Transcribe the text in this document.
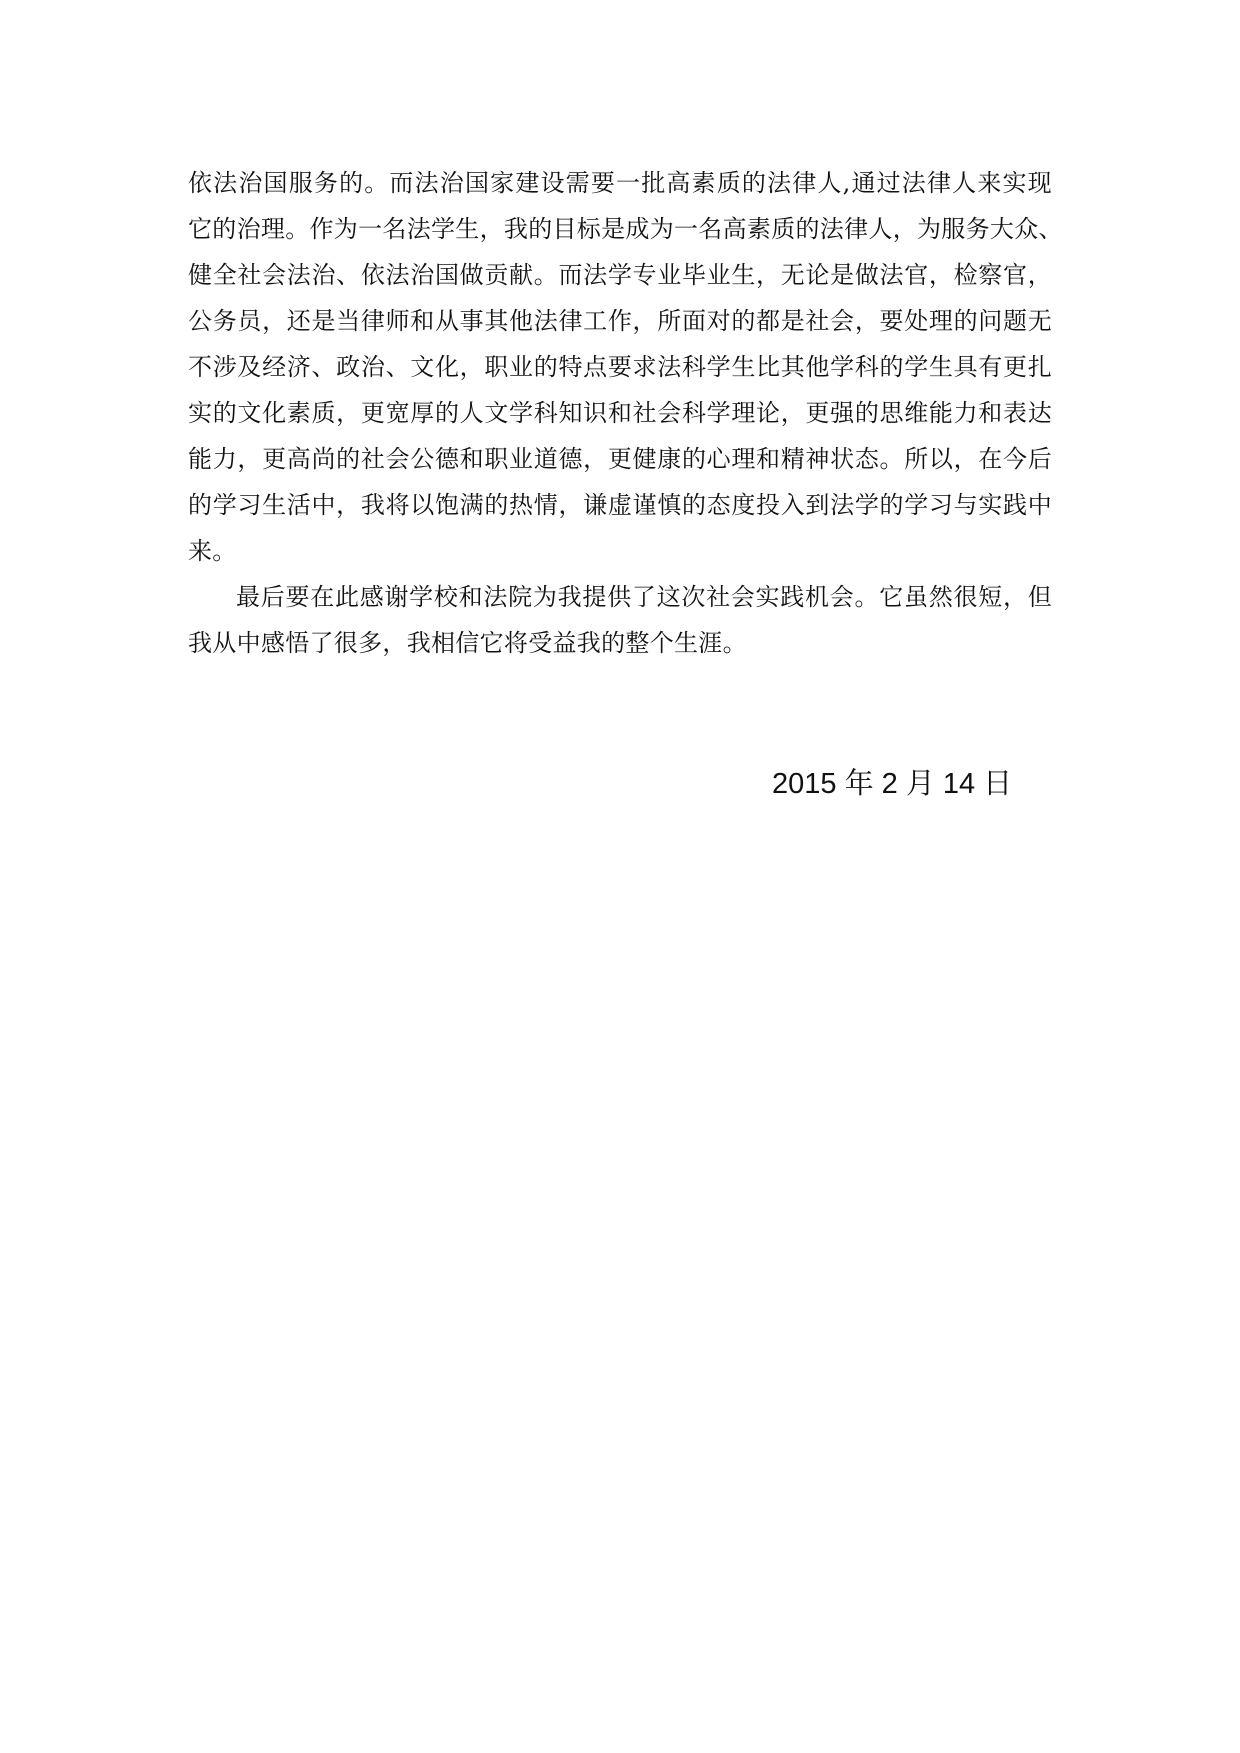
依法治国服务的。而法治国家建设需要一批高素质的法律人,通过法律人来实现
它的治理。作为一名法学生，我的目标是成为一名高素质的法律人，为服务大众、
健全社会法治、依法治国做贡献。而法学专业毕业生，无论是做法官，检察官，
公务员，还是当律师和从事其他法律工作，所面对的都是社会，要处理的问题无
不涉及经济、政治、文化，职业的特点要求法科学生比其他学科的学生具有更扎
实的文化素质，更宽厚的人文学科知识和社会科学理论，更强的思维能力和表达
能力，更高尚的社会公德和职业道德，更健康的心理和精神状态。所以，在今后
的学习生活中，我将以饱满的热情，谦虚谨慎的态度投入到法学的学习与实践中
来。
最后要在此感谢学校和法院为我提供了这次社会实践机会。它虽然很短，但
我从中感悟了很多，我相信它将受益我的整个生涯。
2015 年 2 月 14 日
